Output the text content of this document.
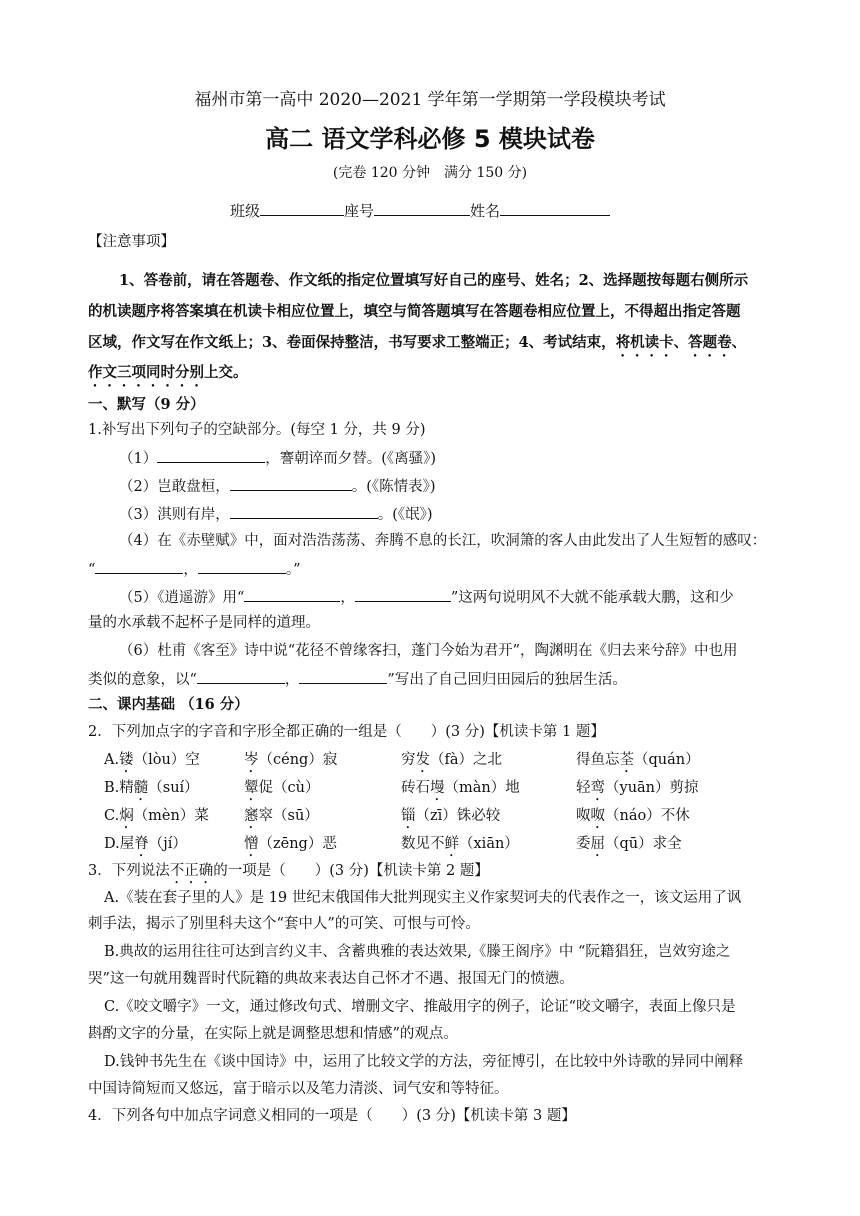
福州市第一高中 2020—2021 学年第一学期第一学段模块考试
高二 语文学科必修 5 模块试卷
(完卷 120 分钟　满分 150 分)
班级	座号	姓名
【注意事项】
1、答卷前，请在答题卷、作文纸的指定位置填写好自己的座号、姓名；2、选择题按每题右侧所示
的机读题序将答案填在机读卡相应位置上，填空与简答题填写在答题卷相应位置上，不得超出指定答题
区域，作文写在作文纸上；3、卷面保持整洁，书写要求工整端正；4、考试结束，将机读卡、答题卷、
作文三项同时分别上交。
一、默写（9 分）
1.补写出下列句子的空缺部分。(每空 1 分，共 9 分)
（1）	，謇朝谇而夕替。(《离骚》)
（2）岂敢盘桓，	。(《陈情表》)
（3）淇则有岸，	。(《氓》)
（4）在《赤壁赋》中，面对浩浩荡荡、奔腾不息的长江，吹洞箫的客人由此发出了人生短暂的感叹：
“	，	。”
（5）《逍遥游》用“	，	”这两句说明风不大就不能承载大鹏，这和少
量的水承载不起杯子是同样的道理。
（6）杜甫《客至》诗中说“花径不曾缘客扫，蓬门今始为君开”，陶渊明在《归去来兮辞》中也用
类似的意象，以“	，	”写出了自己回归田园后的独居生活。
二、课内基础 （16 分）
2．下列加点字的字音和字形全都正确的一组是（　　）(3 分)【机读卡第 1 题】
A.镂（lòu）空	岑（céng）寂	穷发（fà）之北	得鱼忘荃（quán）
B.精髓（suí）	颦促（cù）	砖石墁（màn）地	轻鸾（yuān）剪掠
C.焖（mèn）菜 窸窣（sū）	锱（zī）铢必较	呶呶（náo）不休
D.屋脊（jí）	憎（zēng）恶	数见不鲜（xiān）	委屈（qū）求全
3．下列说法不正确的一项是（　　）(3 分)【机读卡第 2 题】
A.《装在套子里的人》是 19 世纪末俄国伟大批判现实主义作家契诃夫的代表作之一，该文运用了讽
刺手法，揭示了别里科夫这个“套中人”的可笑、可恨与可怜。
B.典故的运用往往可达到言约义丰、含蓄典雅的表达效果,《滕王阁序》中 “阮籍猖狂，岂效穷途之
哭”这一句就用魏晋时代阮籍的典故来表达自己怀才不遇、报国无门的愤懑。
C.《咬文嚼字》一文，通过修改句式、增删文字、推敲用字的例子，论证“咬文嚼字，表面上像只是
斟酌文字的分量，在实际上就是调整思想和情感”的观点。
D.钱钟书先生在《谈中国诗》中，运用了比较文学的方法，旁征博引，在比较中外诗歌的异同中阐释
中国诗简短而又悠远，富于暗示以及笔力清淡、词气安和等特征。
4．下列各句中加点字词意义相同的一项是（　　）(3 分)【机读卡第 3 题】
